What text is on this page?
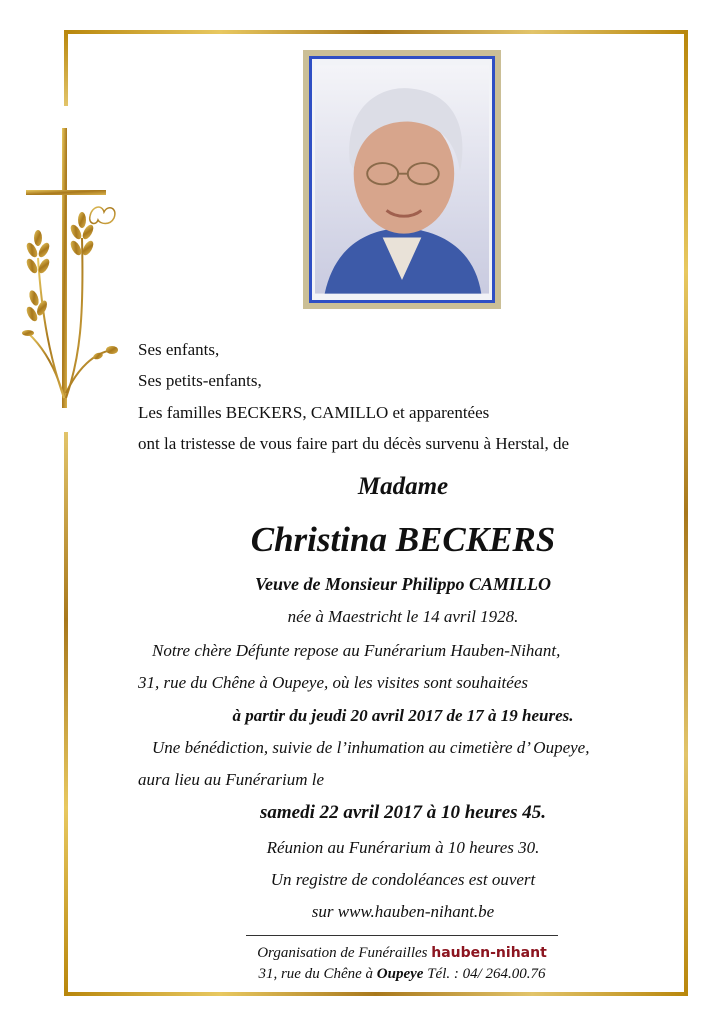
Ses enfants,
Ses petits-enfants,
Les familles BECKERS, CAMILLO et apparentées
ont la tristesse de vous faire part du décès survenu à Herstal, de
Madame
Christina BECKERS
Veuve de Monsieur Philippo CAMILLO
née à Maestricht le 14 avril 1928.
Notre chère Défunte repose au Funérarium Hauben-Nihant,
31, rue du Chêne à Oupeye, où les visites sont souhaitées
à partir du jeudi 20 avril 2017 de 17 à 19 heures.
Une bénédiction, suivie de l’inhumation au cimetière d’ Oupeye,
aura lieu au Funérarium le
samedi 22 avril 2017 à 10 heures 45.
Réunion au Funérarium à 10 heures 30.
Un registre de condoléances est ouvert
sur www.hauben-nihant.be
Organisation de Funérailles hauben-nihant
31, rue du Chêne à Oupeye Tél. : 04/ 264.00.76
